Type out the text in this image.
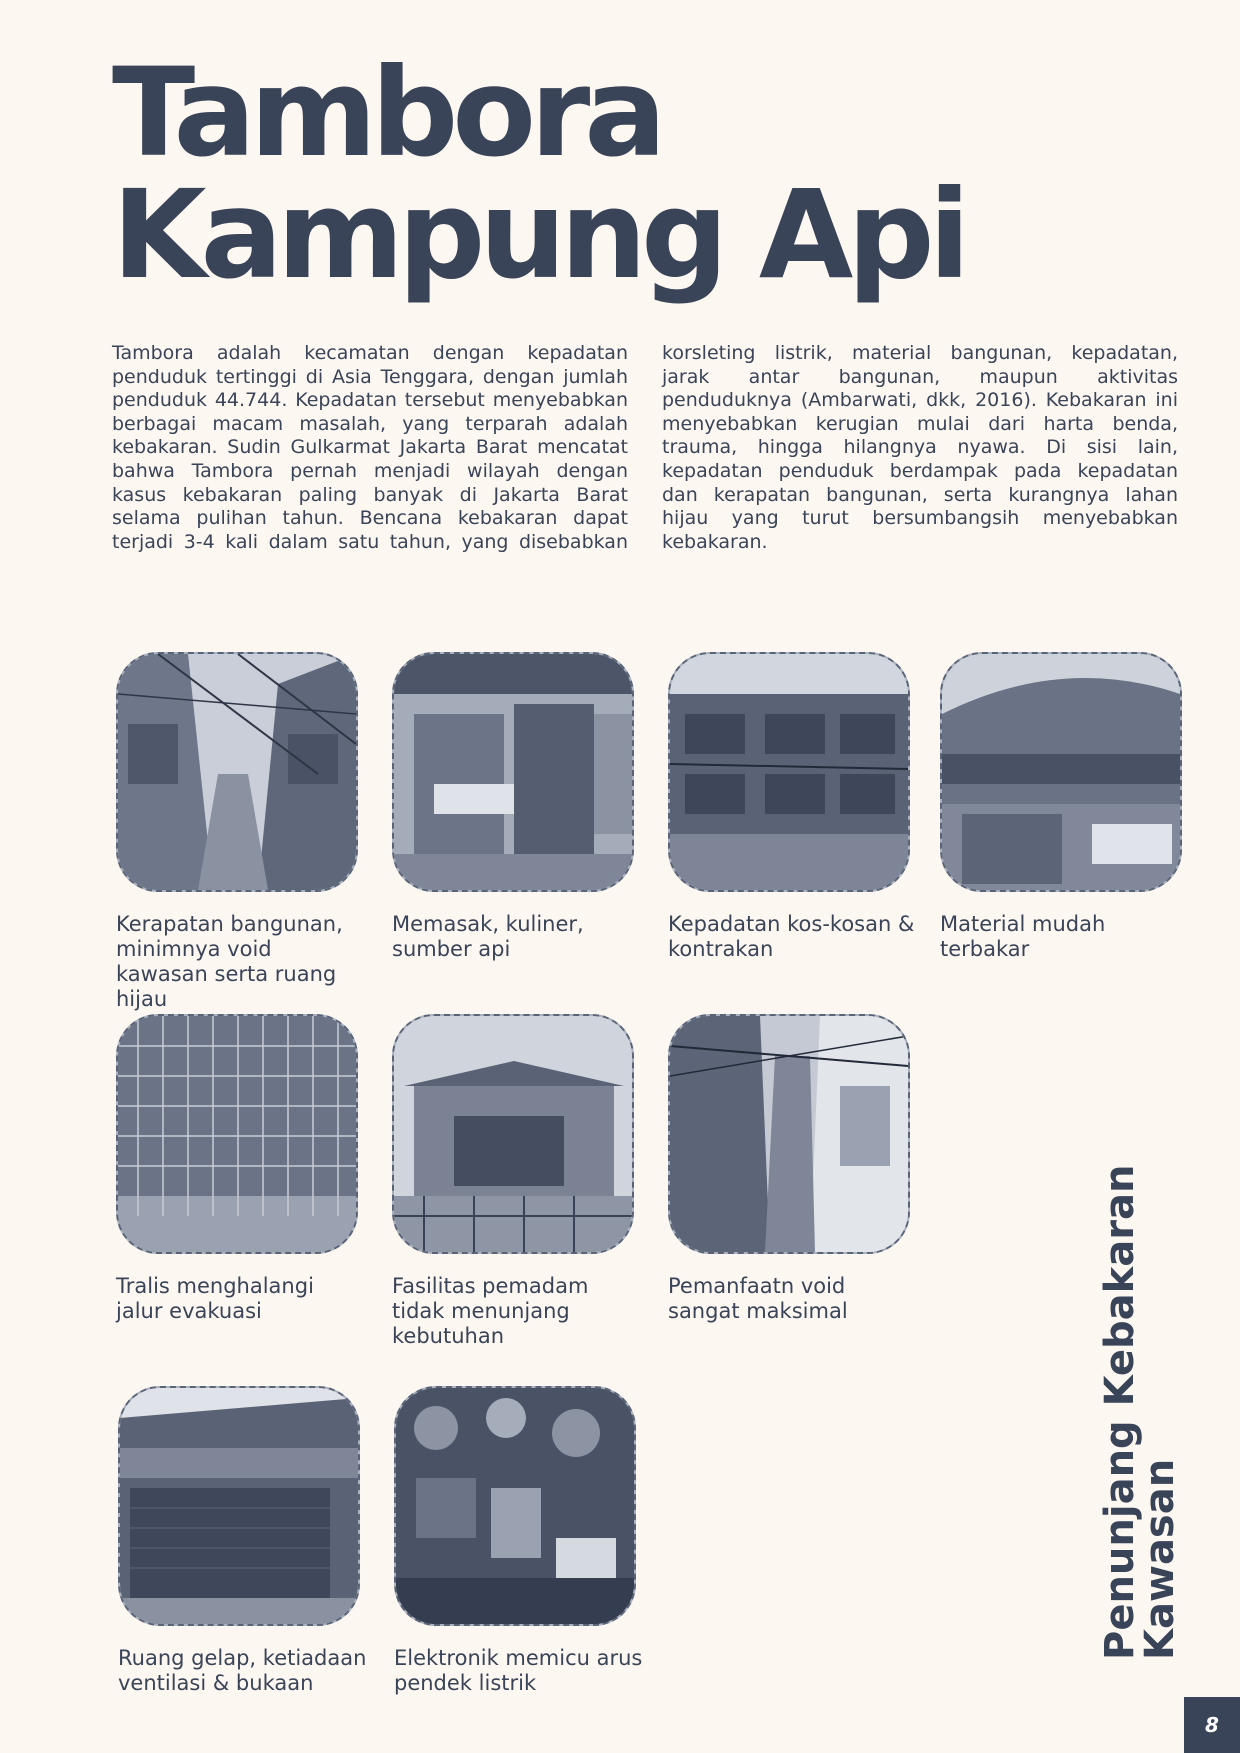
Tambora
Kampung Api

Tambora adalah kecamatan dengan kepadatan penduduk tertinggi di Asia Tenggara, dengan jumlah penduduk 44.744. Kepadatan tersebut menyebabkan berbagai macam masalah, yang terparah adalah kebakaran. Sudin Gulkarmat Jakarta Barat mencatat bahwa Tambora pernah menjadi wilayah dengan kasus kebakaran paling banyak di Jakarta Barat selama pulihan tahun. Bencana kebakaran dapat terjadi 3-4 kali dalam satu tahun, yang disebabkan korsleting listrik, material bangunan, kepadatan, jarak antar bangunan, maupun aktivitas penduduknya (Ambarwati, dkk, 2016). Kebakaran ini menyebabkan kerugian mulai dari harta benda, trauma, hingga hilangnya nyawa. Di sisi lain, kepadatan penduduk berdampak pada kepadatan dan kerapatan bangunan, serta kurangnya lahan hijau yang turut bersumbangsih menyebabkan kebakaran.

Kerapatan bangunan, minimnya void kawasan serta ruang hijau
Memasak, kuliner, sumber api
Kepadatan kos-kosan & kontrakan
Material mudah terbakar
Tralis menghalangi jalur evakuasi
Fasilitas pemadam tidak menunjang kebutuhan
Pemanfaatn void sangat maksimal
Ruang gelap, ketiadaan ventilasi & bukaan
Elektronik memicu arus pendek listrik
Penunjang Kebakaran
Kawasan
8
